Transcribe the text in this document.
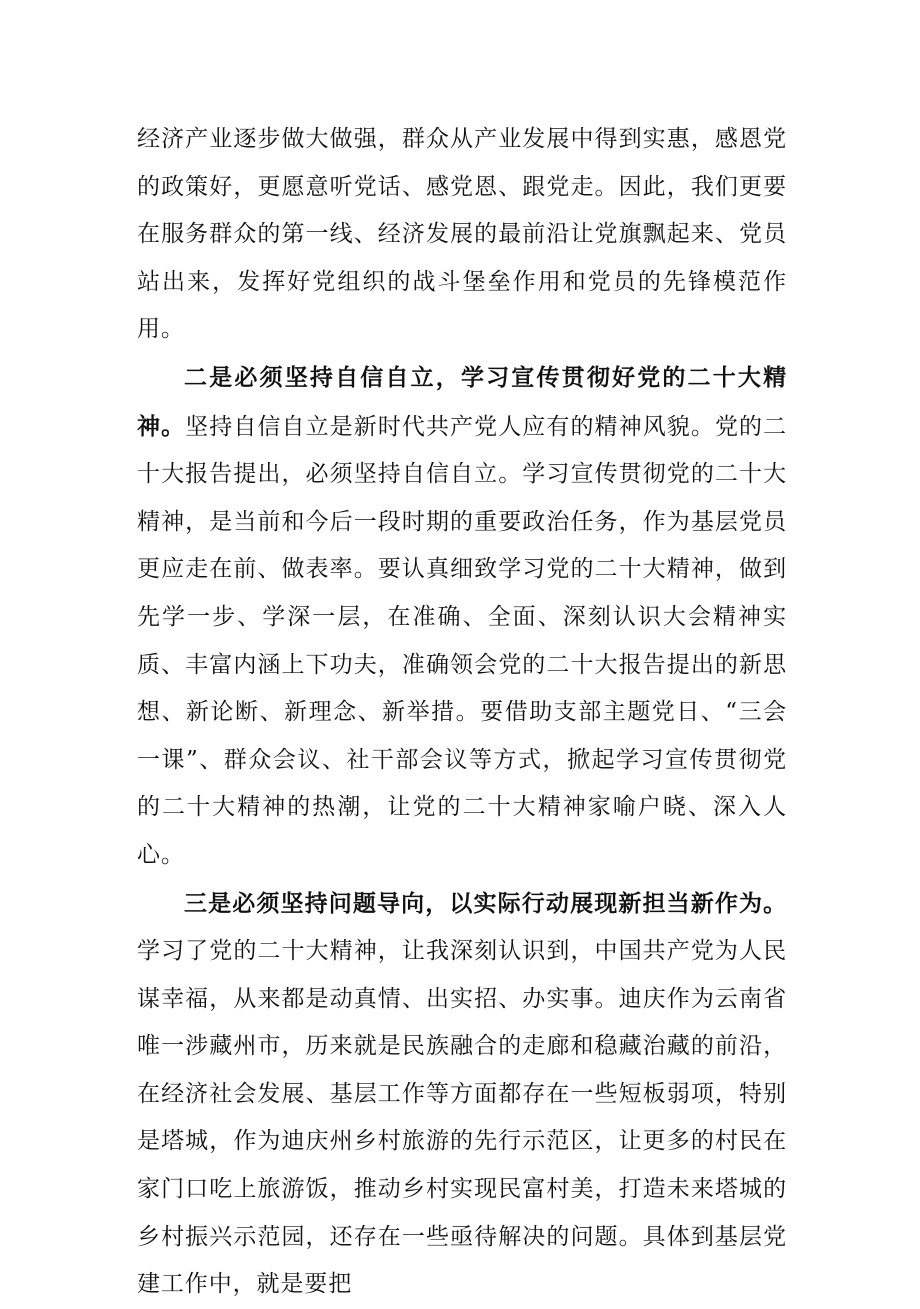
经济产业逐步做大做强，群众从产业发展中得到实惠，感恩党的政策好，更愿意听党话、感党恩、跟党走。因此，我们更要在服务群众的第一线、经济发展的最前沿让党旗飘起来、党员站出来，发挥好党组织的战斗堡垒作用和党员的先锋模范作用。

二是必须坚持自信自立，学习宣传贯彻好党的二十大精神。坚持自信自立是新时代共产党人应有的精神风貌。党的二十大报告提出，必须坚持自信自立。学习宣传贯彻党的二十大精神，是当前和今后一段时期的重要政治任务，作为基层党员更应走在前、做表率。要认真细致学习党的二十大精神，做到先学一步、学深一层，在准确、全面、深刻认识大会精神实质、丰富内涵上下功夫，准确领会党的二十大报告提出的新思想、新论断、新理念、新举措。要借助支部主题党日、“三会一课”、群众会议、社干部会议等方式，掀起学习宣传贯彻党的二十大精神的热潮，让党的二十大精神家喻户晓、深入人心。

三是必须坚持问题导向，以实际行动展现新担当新作为。学习了党的二十大精神，让我深刻认识到，中国共产党为人民谋幸福，从来都是动真情、出实招、办实事。迪庆作为云南省唯一涉藏州市，历来就是民族融合的走廊和稳藏治藏的前沿，在经济社会发展、基层工作等方面都存在一些短板弱项，特别是塔城，作为迪庆州乡村旅游的先行示范区，让更多的村民在家门口吃上旅游饭，推动乡村实现民富村美，打造未来塔城的乡村振兴示范园，还存在一些亟待解决的问题。具体到基层党建工作中，就是要把
